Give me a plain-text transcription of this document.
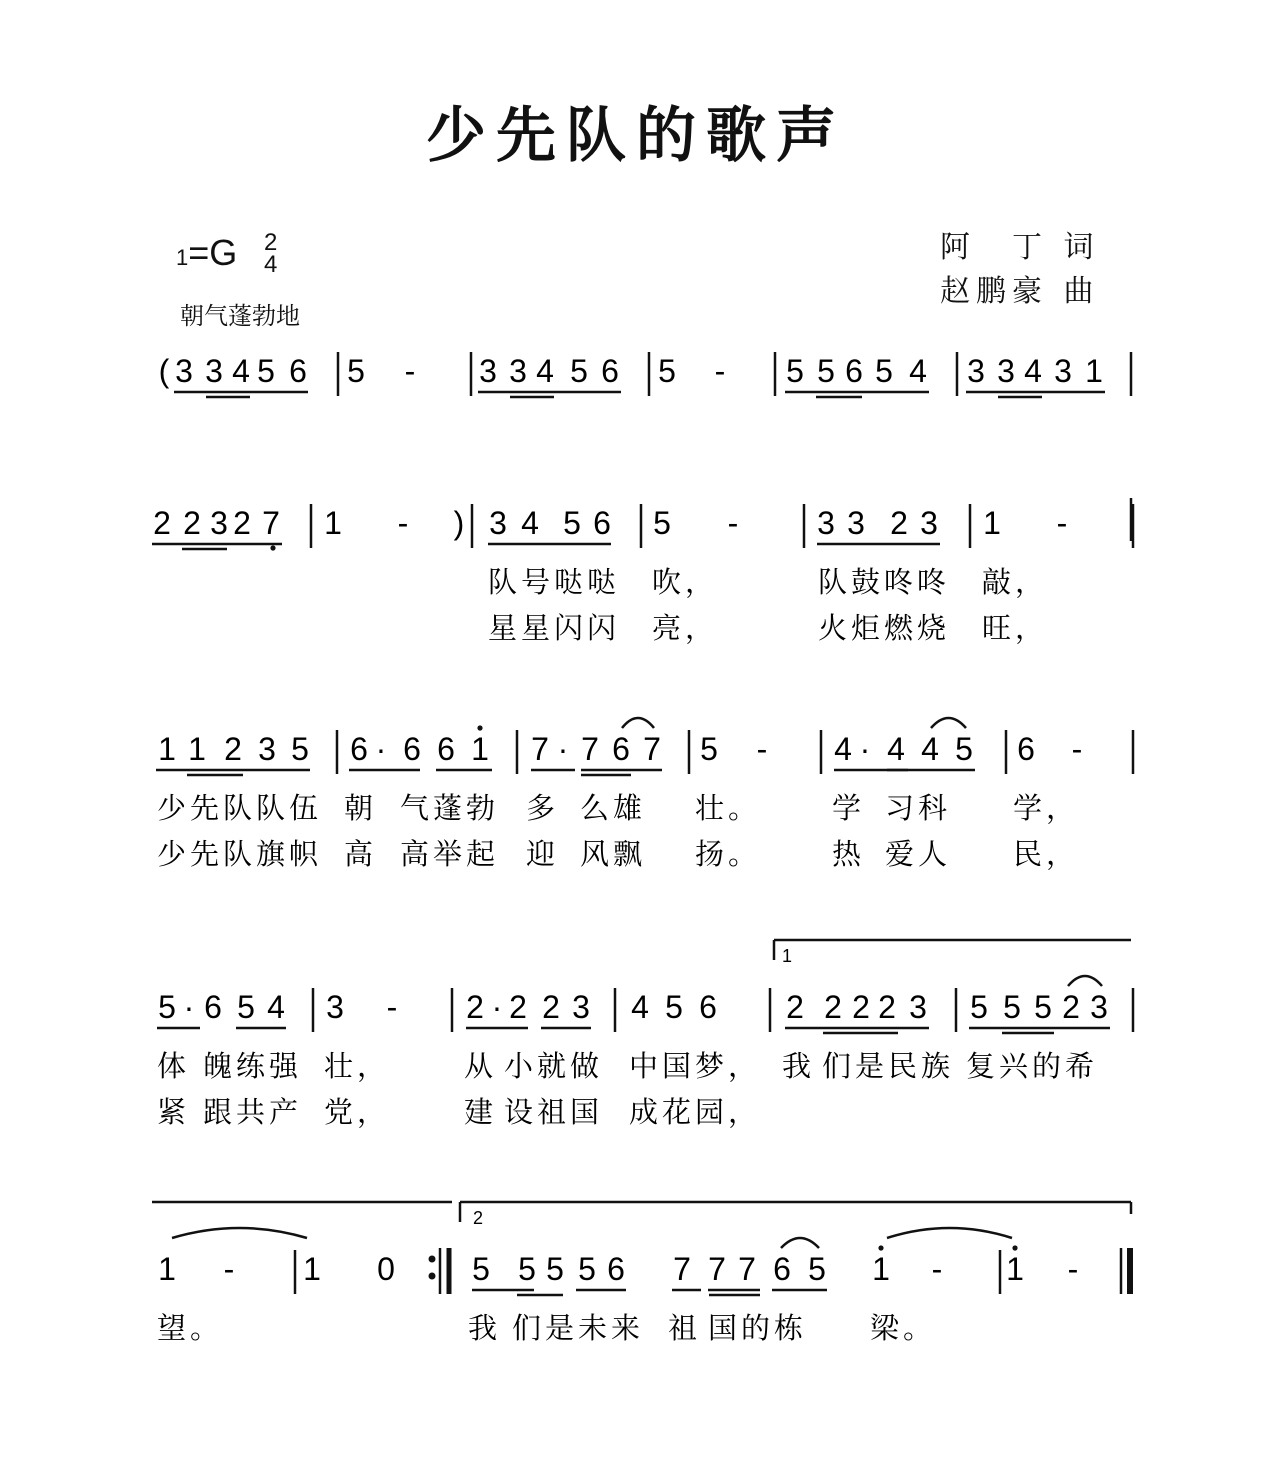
少先队的歌声
1=G 2
4
朝气蓬勃地
阿　丁 词
赵鹏豪 曲
( 3 3 4 5 6 5 - 3 3 4 5 6 5 - 5 5 6 5 4 3 3 4 3 1
2 2 3 2 7 1 - ) 3 4 5 6 5 - 3 3 2 3 1 -
队号哒哒 吹，	队鼓咚咚 敲，
星星闪闪 亮，	火炬燃烧 旺，
1 1 2 3 5 6 · 6 6 1 7 · 7 6 7 5 - 4 · 4 4 5 6 -
少先队队伍 朝 气蓬勃 多 么雄 壮。 学 习科 学，
少先队旗帜 高 高举起 迎 风飘 扬。 热 爱人 民，
5 · 6 5 4 3 - 2 · 2 2 3 4 5 6 2 2 2 2 3 5 5 5 2 3
体 魄练强 壮，	从 小就做 中国梦， 我 们是民族 复兴的希
紧 跟共产 党，	建 设祖国 成花园，
1 - 1 0 5 5 5 5 6 7 7 7 6 5 1 - 1 -
望。	我 们是未来 祖 国的栋 梁。
1
2
